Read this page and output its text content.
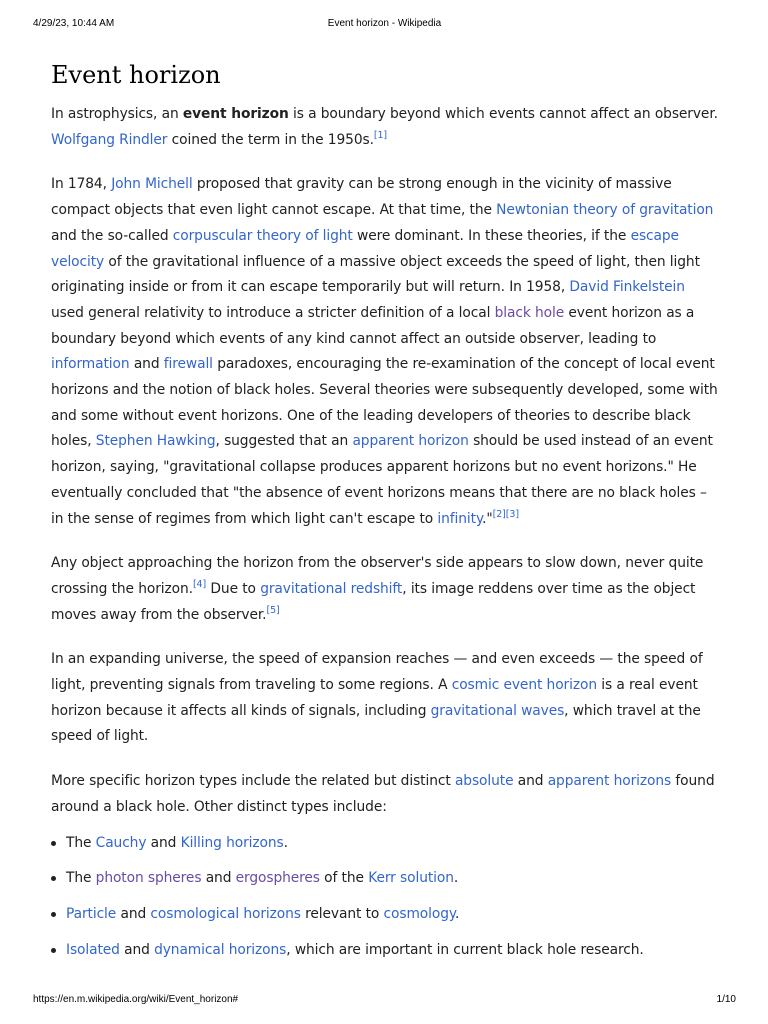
4/29/23, 10:44 AM	Event horizon - Wikipedia
Event horizon

In astrophysics, an event horizon is a boundary beyond which events cannot affect an observer. Wolfgang Rindler coined the term in the 1950s.[1]

In 1784, John Michell proposed that gravity can be strong enough in the vicinity of massive compact objects that even light cannot escape. At that time, the Newtonian theory of gravitation and the so-called corpuscular theory of light were dominant. In these theories, if the escape velocity of the gravitational influence of a massive object exceeds the speed of light, then light originating inside or from it can escape temporarily but will return. In 1958, David Finkelstein used general relativity to introduce a stricter definition of a local black hole event horizon as a boundary beyond which events of any kind cannot affect an outside observer, leading to information and firewall paradoxes, encouraging the re-examination of the concept of local event horizons and the notion of black holes. Several theories were subsequently developed, some with and some without event horizons. One of the leading developers of theories to describe black holes, Stephen Hawking, suggested that an apparent horizon should be used instead of an event horizon, saying, "gravitational collapse produces apparent horizons but no event horizons." He eventually concluded that "the absence of event horizons means that there are no black holes – in the sense of regimes from which light can't escape to infinity."[2][3]

Any object approaching the horizon from the observer's side appears to slow down, never quite crossing the horizon.[4] Due to gravitational redshift, its image reddens over time as the object moves away from the observer.[5]

In an expanding universe, the speed of expansion reaches — and even exceeds — the speed of light, preventing signals from traveling to some regions. A cosmic event horizon is a real event horizon because it affects all kinds of signals, including gravitational waves, which travel at the speed of light.

More specific horizon types include the related but distinct absolute and apparent horizons found around a black hole. Other distinct types include:

The Cauchy and Killing horizons.
The photon spheres and ergospheres of the Kerr solution.
Particle and cosmological horizons relevant to cosmology.
Isolated and dynamical horizons, which are important in current black hole research.
https://en.m.wikipedia.org/wiki/Event_horizon#	1/10
